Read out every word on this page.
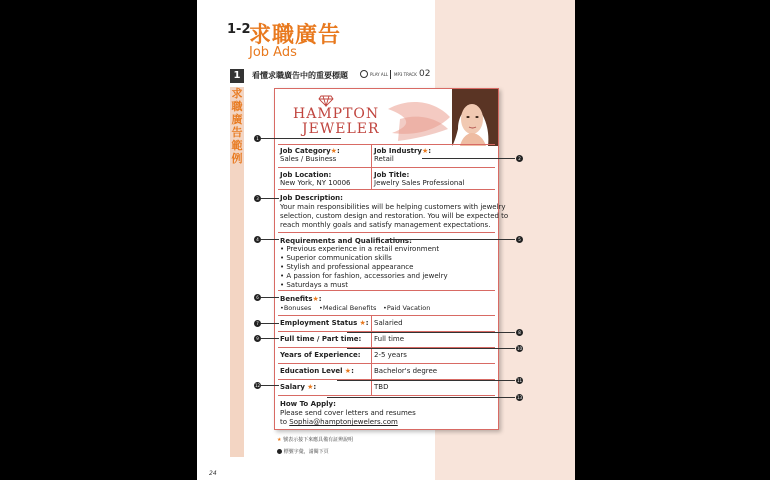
1-2
求職廣告
Job Ads
1	看懂求職廣告中的重要標題	PLAY ALL MP3 TRACK 02
求
職
廣
告
範
例
HAMPTON
JEWELER
Job Category★:
Sales / Business
Job Industry★:
Retail
Job Location:
New York, NY 10006
Job Title:
Jewelry Sales Professional
Job Description:
Your main responsibilities will be helping customers with jewelry
selection, custom design and restoration. You will be expected to
reach monthly goals and satisfy management expectations.
Requirements and Qualifications:
• Previous experience in a retail environment
• Superior communication skills
• Stylish and professional appearance
• A passion for fashion, accessories and jewelry
• Saturdays a must
Benefits★:
•Bonuses •Medical Benefits •Paid Vacation
Employment Status ★: Salaried
Full time / Part time: Full time
Years of Experience: 2-5 years
Education Level ★:	Bachelor's degree
Salary ★:	TBD
How To Apply:
Please send cover letters and resumes
to Sophia@hamptonjewelers.com
1
3
4
6
7
9
12
2
5
8
10
11
13
★ 號表示接下來應具備有証辨說明
標號字彙，請閱下頁
24
